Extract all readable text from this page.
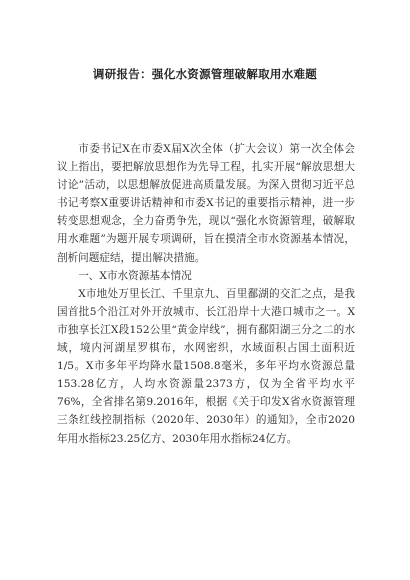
调研报告：强化水资源管理破解取用水难题

市委书记X在市委X届X次全体（扩大会议）第一次全体会议上指出，要把解放思想作为先导工程，扎实开展“解放思想大讨论”活动，以思想解放促进高质量发展。为深入贯彻习近平总书记考察X重要讲话精神和市委X书记的重要指示精神，进一步转变思想观念，全力奋勇争先，现以“强化水资源管理，破解取用水难题”为题开展专项调研，旨在摸清全市水资源基本情况，剖析问题症结，提出解决措施。

一、X市水资源基本情况

X市地处万里长江、千里京九、百里鄱湖的交汇之点，是我国首批5个沿江对外开放城市、长江沿岸十大港口城市之一。X市独享长江X段152公里“黄金岸线”，拥有鄱阳湖三分之二的水域，境内河湖星罗棋布，水网密织，水域面积占国土面积近1/5。X市多年平均降水量1508.8毫米，多年平均水资源总量153.28亿方，人均水资源量2373方，仅为全省平均水平76%，全省排名第9.2016年，根据《关于印发X省水资源管理三条红线控制指标（2020年、2030年）的通知》，全市2020年用水指标23.25亿方、2030年用水指标24亿方。
